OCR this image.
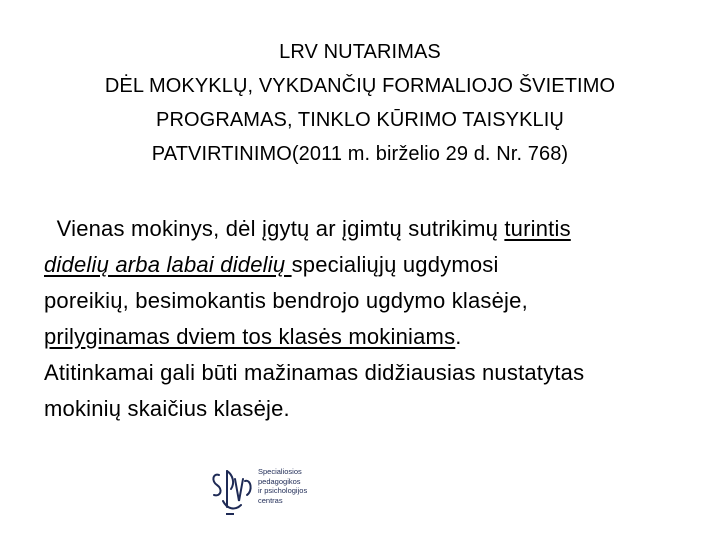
LRV NUTARIMAS
DĖL MOKYKLŲ, VYKDANČIŲ FORMALIOJO ŠVIETIMO
PROGRAMAS, TINKLO KŪRIMO TAISYKLIŲ
PATVIRTINIMO(2011 m. birželio 29 d. Nr. 768)
Vienas mokinys, dėl įgytų ar įgimtų sutrikimų turintis
didelių arba labai didelių specialiųjų ugdymosi
poreikių, besimokantis bendrojo ugdymo klasėje,
prilyginamas dviem tos klasės mokiniams.
Atitinkamai gali būti mažinamas didžiausias nustatytas
mokinių skaičius klasėje.
Specialiosios
pedagogikos
ir psichologijos
centras
